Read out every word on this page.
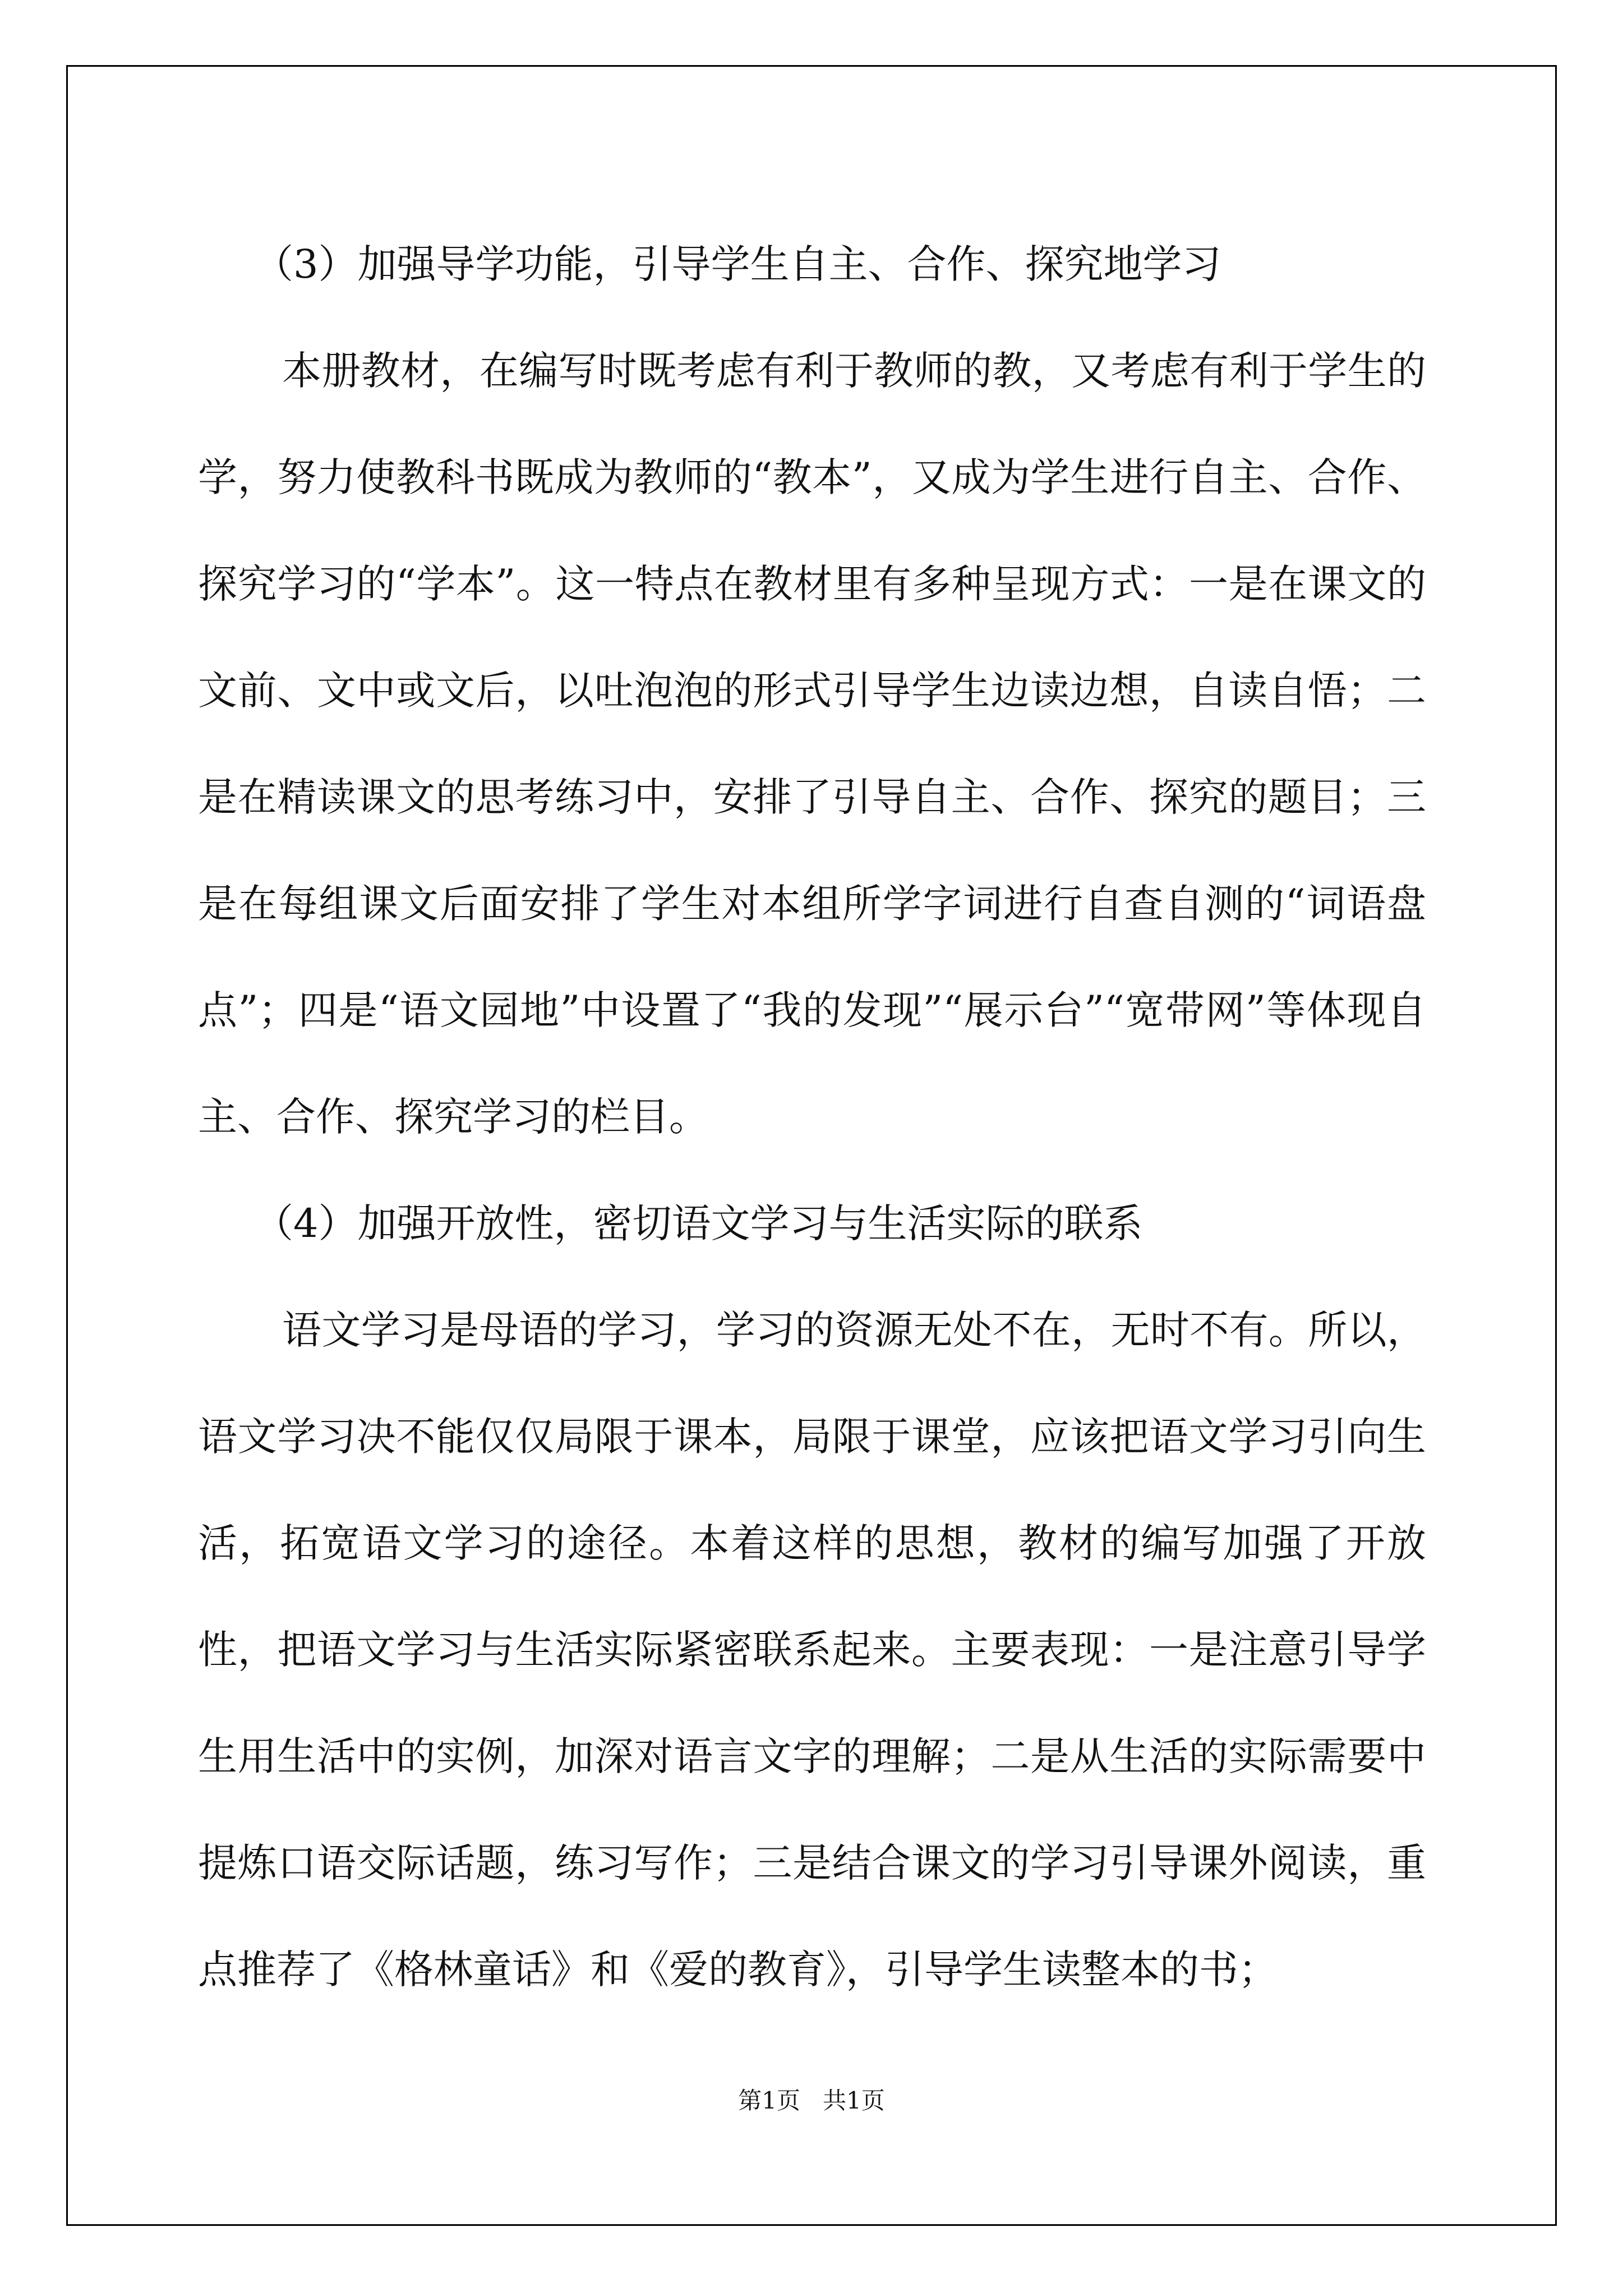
（3）加强导学功能，引导学生自主、合作、探究地学习

本册教材，在编写时既考虑有利于教师的教，又考虑有利于学生的学，努力使教科书既成为教师的“教本”，又成为学生进行自主、合作、探究学习的“学本”。这一特点在教材里有多种呈现方式：一是在课文的文前、文中或文后，以吐泡泡的形式引导学生边读边想，自读自悟；二是在精读课文的思考练习中，安排了引导自主、合作、探究的题目；三是在每组课文后面安排了学生对本组所学字词进行自查自测的“词语盘点”；四是“语文园地”中设置了“我的发现”“展示台”“宽带网”等体现自主、合作、探究学习的栏目。

（4）加强开放性，密切语文学习与生活实际的联系

语文学习是母语的学习，学习的资源无处不在，无时不有。所以，语文学习决不能仅仅局限于课本，局限于课堂，应该把语文学习引向生活，拓宽语文学习的途径。本着这样的思想，教材的编写加强了开放性，把语文学习与生活实际紧密联系起来。主要表现：一是注意引导学生用生活中的实例，加深对语言文字的理解；二是从生活的实际需要中提炼口语交际话题，练习写作；三是结合课文的学习引导课外阅读，重点推荐了《格林童话》和《爱的教育》，引导学生读整本的书；

第1页 共1页
